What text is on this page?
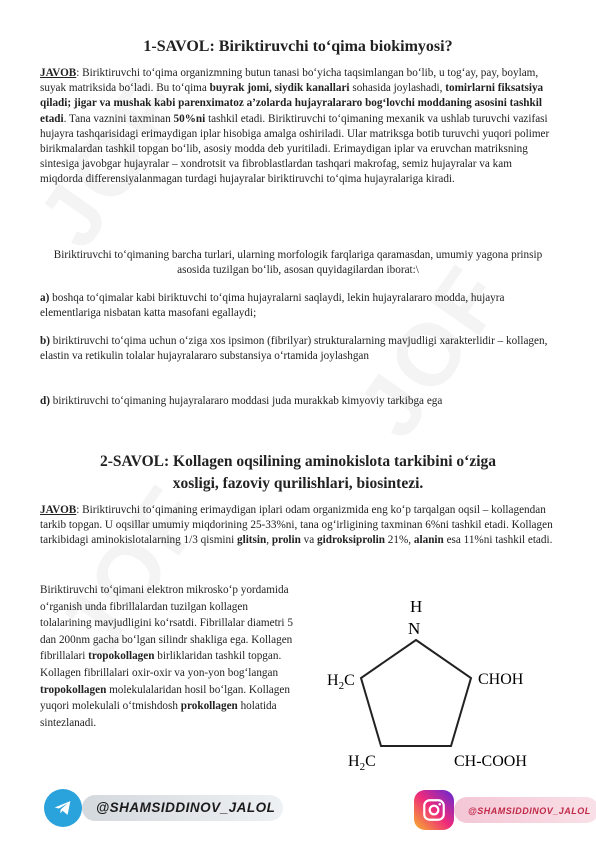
1-SAVOL: Biriktiruvchi to‘qima biokimyosi?

JAVOB: Biriktiruvchi to‘qima organizmning butun tanasi bo‘yicha taqsimlangan bo‘lib, u tog‘ay, pay, boylam, suyak matriksida bo‘ladi. Bu to‘qima buyrak jomi, siydik kanallari sohasida joylashadi, tomirlarni fiksatsiya qiladi; jigar va mushak kabi parenximatoz a’zolarda hujayralararo bog‘lovchi moddaning asosini tashkil etadi. Tana vaznini taxminan 50%ni tashkil etadi. Biriktiruvchi to‘qimaning mexanik va ushlab turuvchi vazifasi hujayra tashqarisidagi erimaydigan iplar hisobiga amalga oshiriladi. Ular matriksga botib turuvchi yuqori polimer birikmalardan tashkil topgan bo‘lib, asosiy modda deb yuritiladi. Erimaydigan iplar va eruvchan matriksning sintesiga javobgar hujayralar – xondrotsit va fibroblastlardan tashqari makrofag, semiz hujayralar va kam miqdorda differensiyalanmagan turdagi hujayralar biriktiruvchi to‘qima hujayralariga kiradi.

Biriktiruvchi to‘qimaning barcha turlari, ularning morfologik farqlariga qaramasdan, umumiy yagona prinsip asosida tuzilgan bo‘lib, asosan quyidagilardan iborat:\

a) boshqa to‘qimalar kabi biriktuvchi to‘qima hujayralarni saqlaydi, lekin hujayralararo modda, hujayra elementlariga nisbatan katta masofani egallaydi;

b) biriktiruvchi to‘qima uchun o‘ziga xos ipsimon (fibrilyar) strukturalarning mavjudligi xarakterlidir – kollagen, elastin va retikulin tolalar hujayralararo substansiya o‘rtamida joylashgan

d) biriktiruvchi to‘qimaning hujayralararo moddasi juda murakkab kimyoviy tarkibga ega

2-SAVOL: Kollagen oqsilining aminokislota tarkibini o‘ziga
xosligi, fazoviy qurilishlari, biosintezi.

JAVOB: Biriktiruvchi to‘qimaning erimaydigan iplari odam organizmida eng ko‘p tarqalgan oqsil – kollagendan tarkib topgan. U oqsillar umumiy miqdorining 25-33%ni, tana og‘irligining taxminan 6%ni tashkil etadi. Kollagen tarkibidagi aminokislotalarning 1/3 qismini glitsin, prolin va gidroksiprolin 21%, alanin esa 11%ni tashkil etadi.

Biriktiruvchi to‘qimani elektron mikrosko‘p yordamida o‘rganish unda fibrillalardan tuzilgan kollagen tolalarining mavjudligini ko‘rsatdi. Fibrillalar diametri 5 dan 200nm gacha bo‘lgan silindr shakliga ega. Kollagen fibrillalari tropokollagen birliklaridan tashkil topgan. Kollagen fibrillalari oxir-oxir va yon-yon bog‘langan tropokollagen molekulalaridan hosil bo‘lgan. Kollagen yuqori molekulali o‘tmishdosh prokollagen holatida sintezlanadi.
H
N
$H_2C$	CHOH
$H_2C$	CH-COOH
@SHAMSIDDINOV_JALOL	@SHAMSIDDINOV_JALOL
